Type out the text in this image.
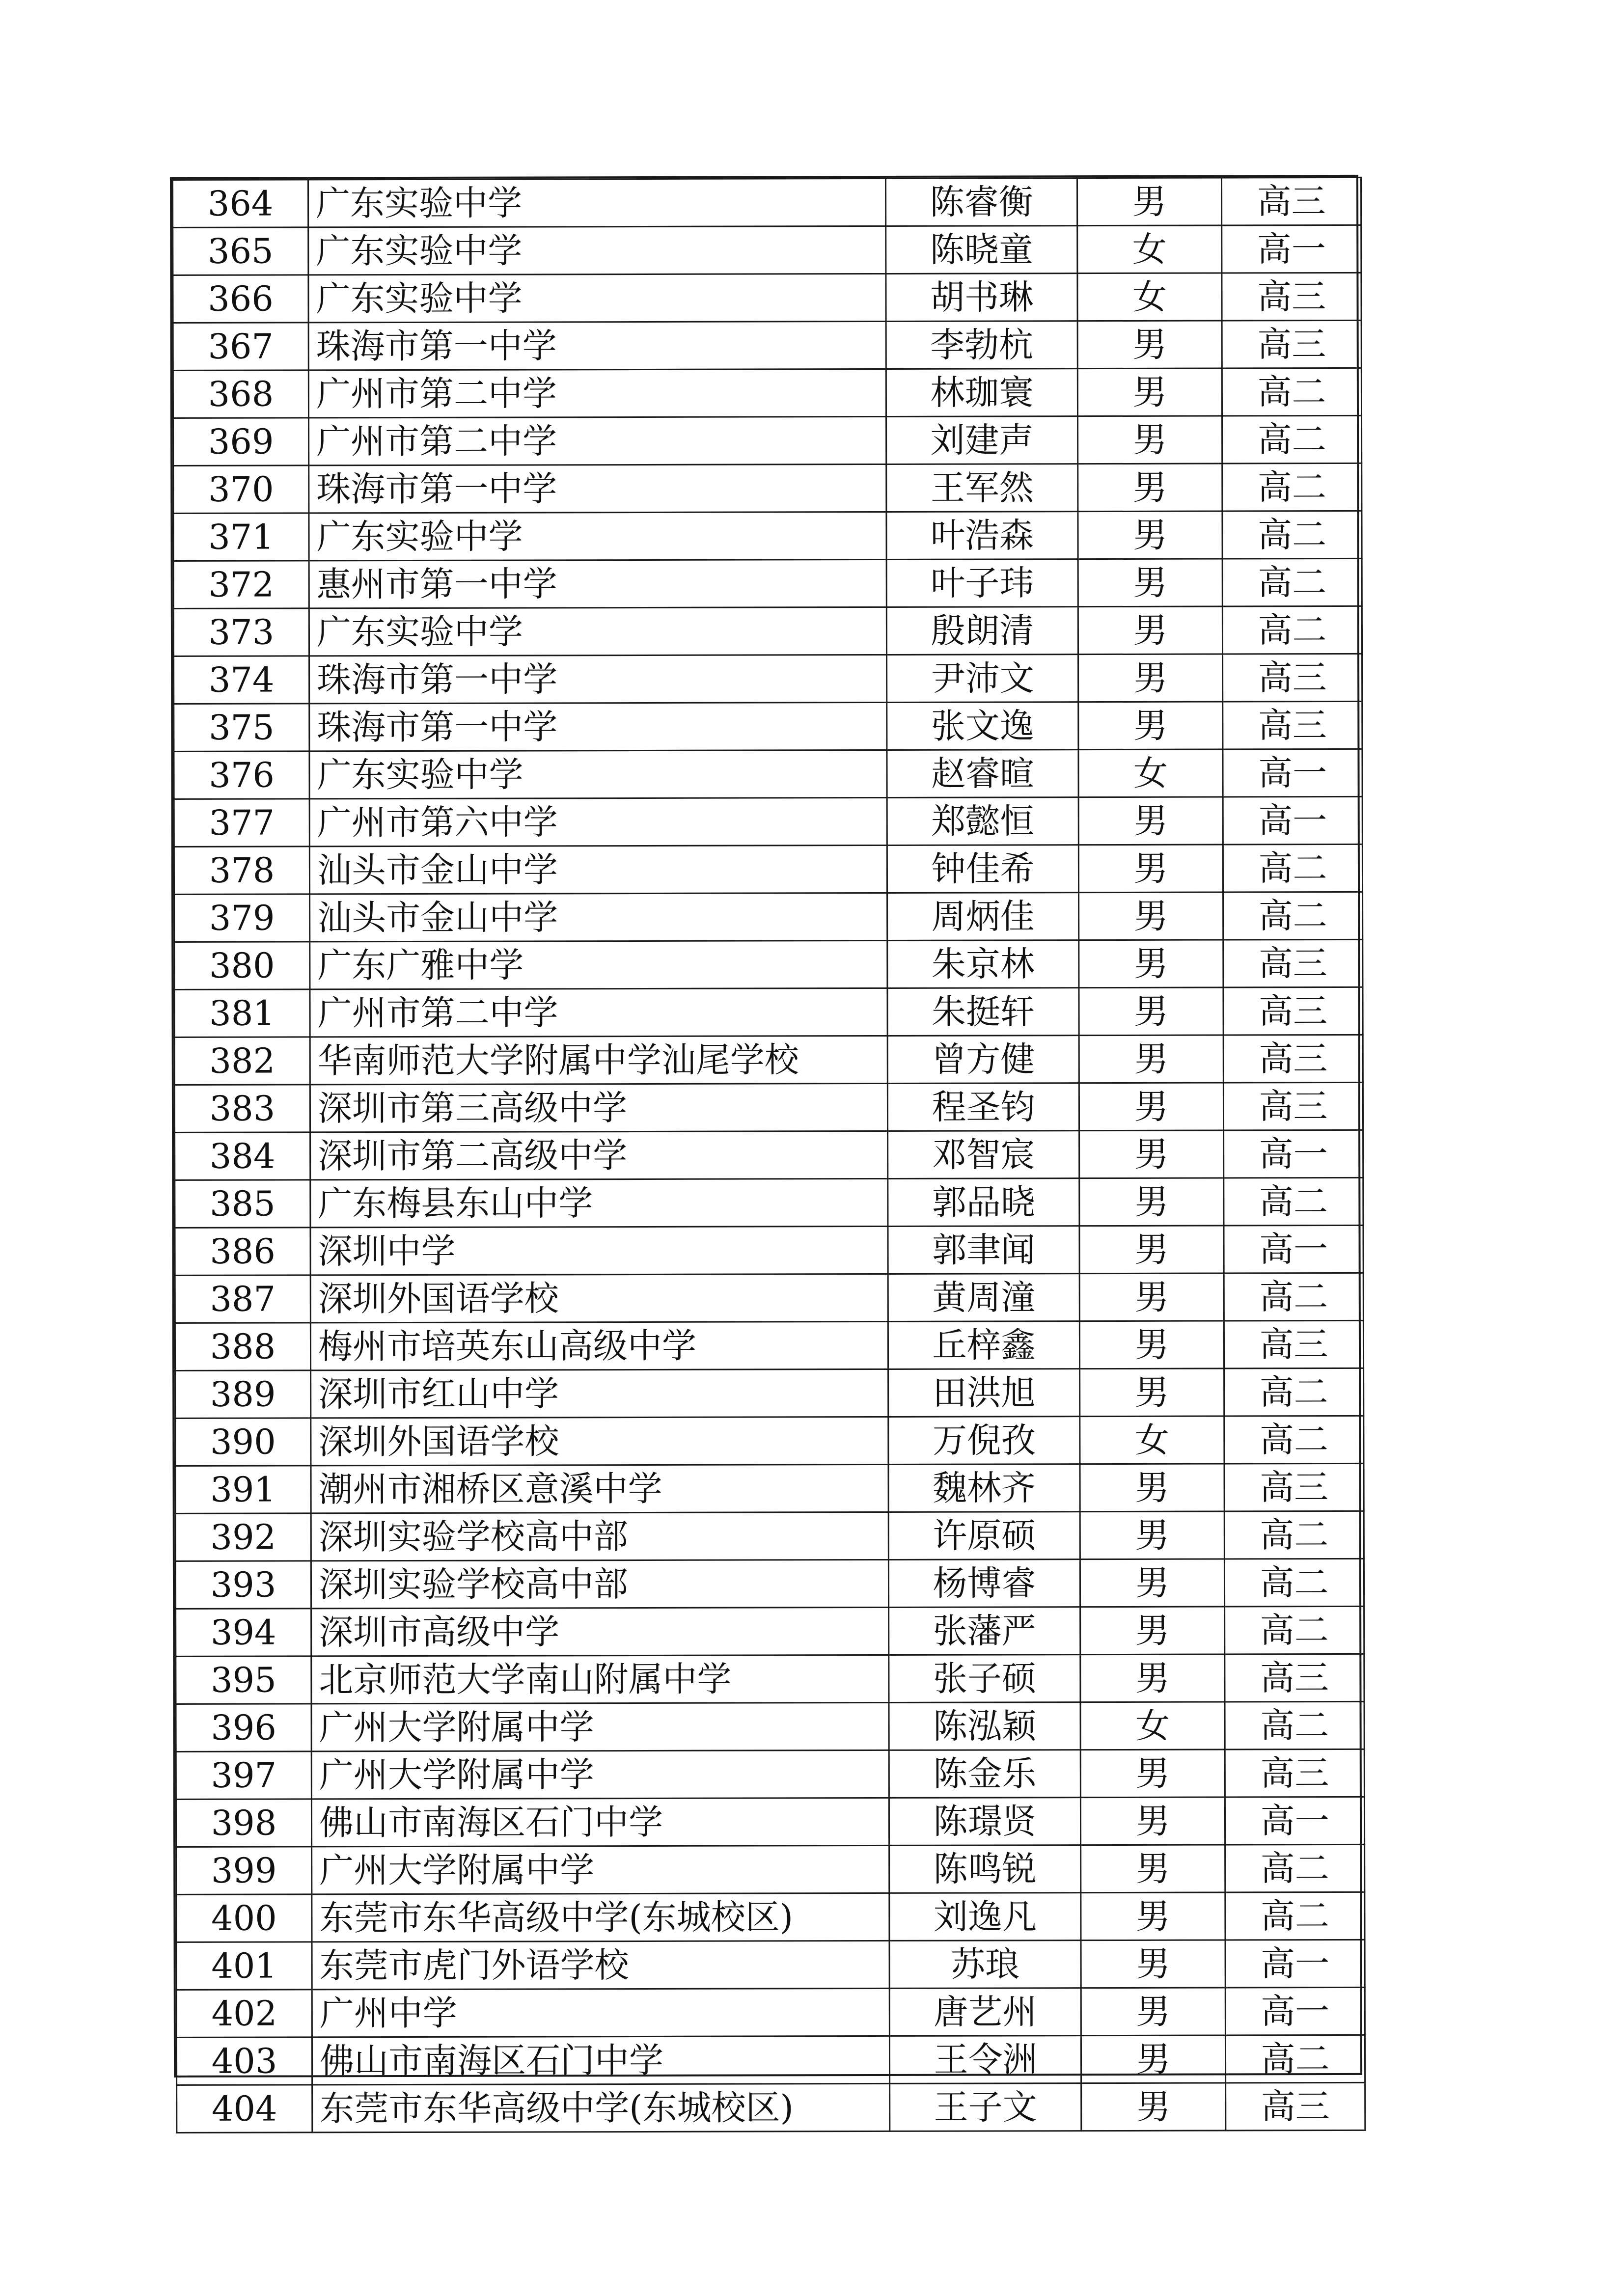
364	广东实验中学	陈睿衡	男	高三
365	广东实验中学	陈晓童	女	高一
366	广东实验中学	胡书琳	女	高三
367	珠海市第一中学	李勃杭	男	高三
368	广州市第二中学	林珈寰	男	高二
369	广州市第二中学	刘建声	男	高二
370	珠海市第一中学	王军然	男	高二
371	广东实验中学	叶浩森	男	高二
372	惠州市第一中学	叶子玮	男	高二
373	广东实验中学	殷朗清	男	高二
374	珠海市第一中学	尹沛文	男	高三
375	珠海市第一中学	张文逸	男	高三
376	广东实验中学	赵睿暄	女	高一
377	广州市第六中学	郑懿恒	男	高一
378	汕头市金山中学	钟佳希	男	高二
379	汕头市金山中学	周炳佳	男	高二
380	广东广雅中学	朱京林	男	高三
381	广州市第二中学	朱挺轩	男	高三
382	华南师范大学附属中学汕尾学校	曾方健	男	高三
383	深圳市第三高级中学	程圣钧	男	高三
384	深圳市第二高级中学	邓智宸	男	高一
385	广东梅县东山中学	郭品晓	男	高二
386	深圳中学	郭聿闻	男	高一
387	深圳外国语学校	黄周潼	男	高二
388	梅州市培英东山高级中学	丘梓鑫	男	高三
389	深圳市红山中学	田洪旭	男	高二
390	深圳外国语学校	万倪孜	女	高二
391	潮州市湘桥区意溪中学	魏林齐	男	高三
392	深圳实验学校高中部	许原硕	男	高二
393	深圳实验学校高中部	杨博睿	男	高二
394	深圳市高级中学	张藩严	男	高二
395	北京师范大学南山附属中学	张子硕	男	高三
396	广州大学附属中学	陈泓颖	女	高二
397	广州大学附属中学	陈金乐	男	高三
398	佛山市南海区石门中学	陈璟贤	男	高一
399	广州大学附属中学	陈鸣锐	男	高二
400	东莞市东华高级中学(东城校区)	刘逸凡	男	高二
401	东莞市虎门外语学校	苏琅	男	高一
402	广州中学	唐艺州	男	高一
403	佛山市南海区石门中学	王令洲	男	高二
404	东莞市东华高级中学(东城校区)	王子文	男	高三
